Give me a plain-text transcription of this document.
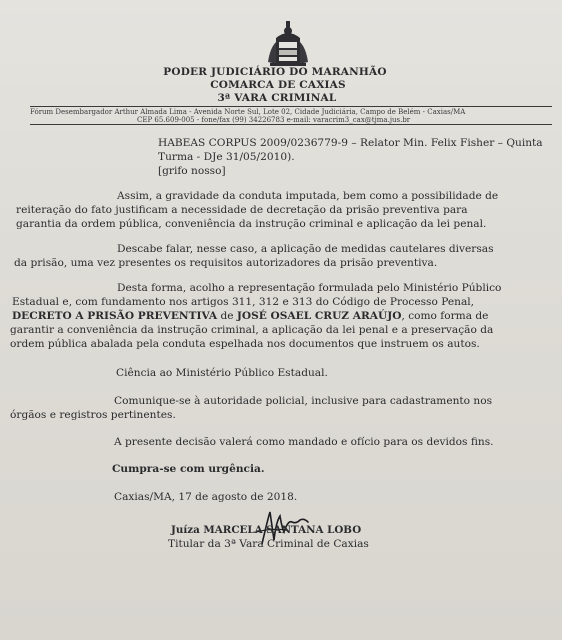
PODER JUDICIÁRIO DO MARANHÃO
COMARCA DE CAXIAS
3ª VARA CRIMINAL
Fórum Desembargador Arthur Almada Lima - Avenida Norte Sul, Lote 02, Cidade Judiciária, Campo de Belém - Caxias/MA
CEP 65.609-005 - fone/fax (99) 34226783 e-mail: varacrim3_cax@tjma.jus.br
HABEAS CORPUS 2009/0236779-9 – Relator Min. Felix Fisher – Quinta
Turma - DJe 31/05/2010).
[grifo nosso]
Assim, a gravidade da conduta imputada, bem como a possibilidade de
reiteração do fato justificam a necessidade de decretação da prisão preventiva para
garantia da ordem pública, conveniência da instrução criminal e aplicação da lei penal.
Descabe falar, nesse caso, a aplicação de medidas cautelares diversas
da prisão, uma vez presentes os requisitos autorizadores da prisão preventiva.
Desta forma, acolho a representação formulada pelo Ministério Público
Estadual e, com fundamento nos artigos 311, 312 e 313 do Código de Processo Penal,
DECRETO A PRISÃO PREVENTIVA de JOSÉ OSAEL CRUZ ARAÚJO, como forma de
garantir a conveniência da instrução criminal, a aplicação da lei penal e a preservação da
ordem pública abalada pela conduta espelhada nos documentos que instruem os autos.
Ciência ao Ministério Público Estadual.
Comunique-se à autoridade policial, inclusive para cadastramento nos
órgãos e registros pertinentes.
A presente decisão valerá como mandado e ofício para os devidos fins.
Cumpra-se com urgência.
Caxias/MA, 17 de agosto de 2018.
Juíza MARCELA SANTANA LOBO
Titular da 3ª Vara Criminal de Caxias
